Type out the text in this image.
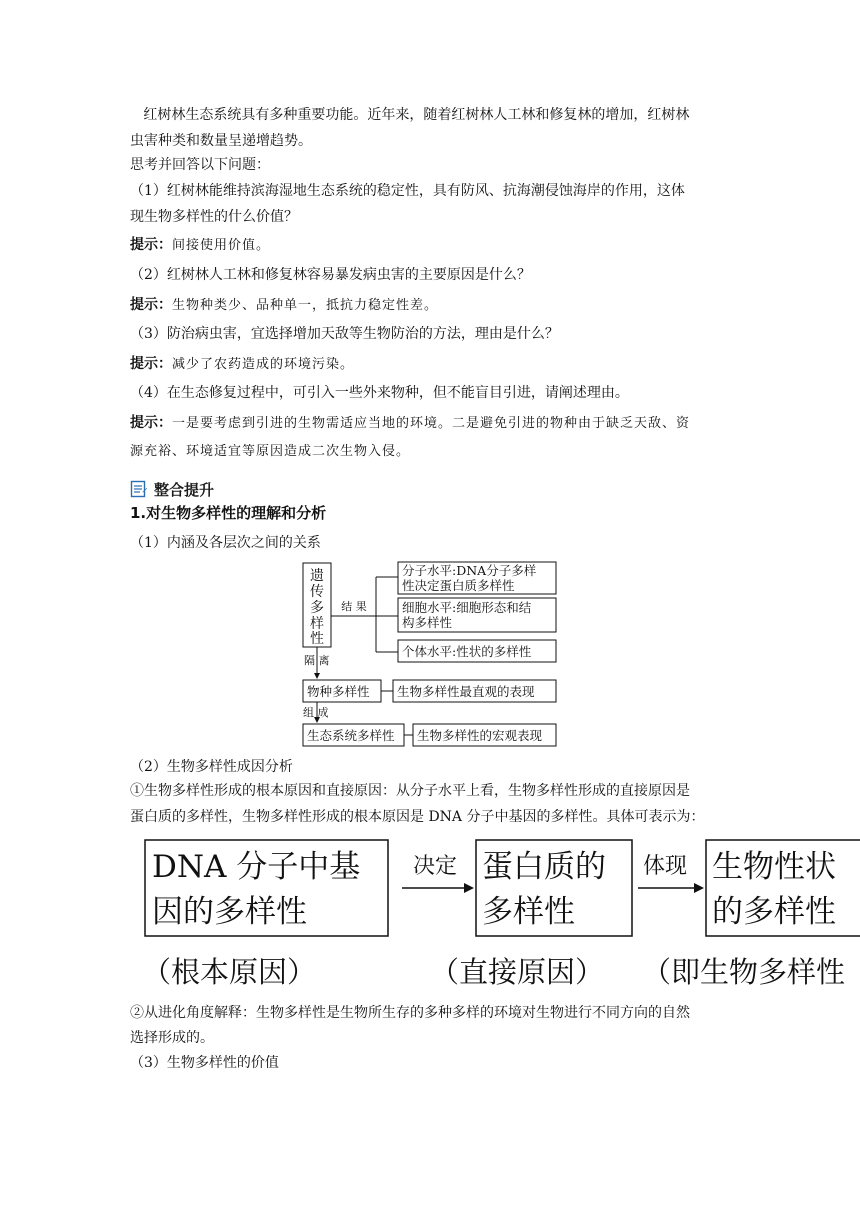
红树林生态系统具有多种重要功能。近年来，随着红树林人工林和修复林的增加，红树林
虫害种类和数量呈递增趋势。
思考并回答以下问题：
（1）红树林能维持滨海湿地生态系统的稳定性，具有防风、抗海潮侵蚀海岸的作用，这体
现生物多样性的什么价值？
提示：间接使用价值。
（2）红树林人工林和修复林容易暴发病虫害的主要原因是什么？
提示：生物种类少、品种单一，抵抗力稳定性差。
（3）防治病虫害，宜选择增加天敌等生物防治的方法，理由是什么？
提示：减少了农药造成的环境污染。
（4）在生态修复过程中，可引入一些外来物种，但不能盲目引进，请阐述理由。
提示：一是要考虑到引进的生物需适应当地的环境。二是避免引进的物种由于缺乏天敌、资
源充裕、环境适宜等原因造成二次生物入侵。
整合提升
1.对生物多样性的理解和分析
（1）内涵及各层次之间的关系
遗
传
多
样
性
结 果
分子水平:DNA分子多样
性决定蛋白质多样性
细胞水平:细胞形态和结
构多样性
个体水平:性状的多样性
隔 离
物种多样性 生物多样性最直观的表现
组 成
生态系统多样性 生物多样性的宏观表现
（2）生物多样性成因分析
①生物多样性形成的根本原因和直接原因：从分子水平上看，生物多样性形成的直接原因是
蛋白质的多样性，生物多样性形成的根本原因是 DNA 分子中基因的多样性。具体可表示为：
DNA 分子中基
因的多样性
决定 蛋白质的
多样性
体现 生物性状
的多样性
（根本原因）	（直接原因） （即生物多样性
②从进化角度解释：生物多样性是生物所生存的多种多样的环境对生物进行不同方向的自然
选择形成的。
（3）生物多样性的价值
